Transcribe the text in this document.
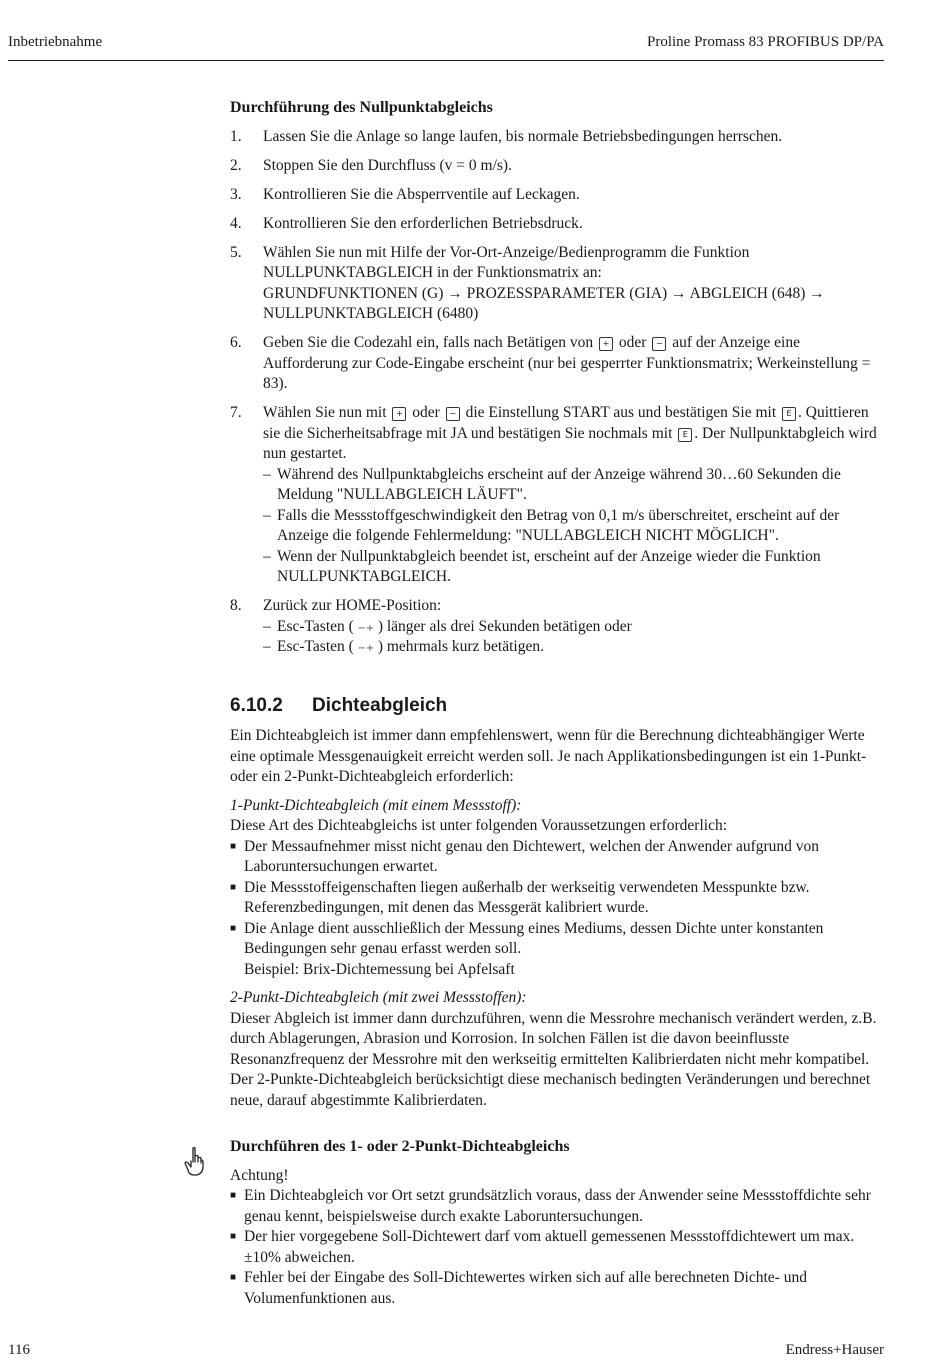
Inbetriebnahme	Proline Promass 83 PROFIBUS DP/PA
Durchführung des Nullpunktabgleichs
1.	Lassen Sie die Anlage so lange laufen, bis normale Betriebsbedingungen herrschen.
2.	Stoppen Sie den Durchfluss (v = 0 m/s).
3.	Kontrollieren Sie die Absperrventile auf Leckagen.
4.	Kontrollieren Sie den erforderlichen Betriebsdruck.
5.	Wählen Sie nun mit Hilfe der Vor-Ort-Anzeige/Bedienprogramm die Funktion NULLPUNKTABGLEICH in der Funktionsmatrix an:
GRUNDFUNKTIONEN (G) → PROZESSPARAMETER (GIA) → ABGLEICH (648) → NULLPUNKTABGLEICH (6480)
6.	Geben Sie die Codezahl ein, falls nach Betätigen von + oder − auf der Anzeige eine Aufforderung zur Code-Eingabe erscheint (nur bei gesperrter Funktionsmatrix; Werkeinstellung = 83).
7.	Wählen Sie nun mit + oder − die Einstellung START aus und bestätigen Sie mit E . Quittieren sie die Sicherheitsabfrage mit JA und bestätigen Sie nochmals mit E . Der Nullpunktabgleich wird nun gestartet.
– Während des Nullpunktabgleichs erscheint auf der Anzeige während 30…60 Sekunden die Meldung "NULLABGLEICH LÄUFT".
– Falls die Messstoffgeschwindigkeit den Betrag von 0,1 m/s überschreitet, erscheint auf der Anzeige die folgende Fehlermeldung: "NULLABGLEICH NICHT MÖGLICH".
– Wenn der Nullpunktabgleich beendet ist, erscheint auf der Anzeige wieder die Funktion NULLPUNKTABGLEICH.
8.	Zurück zur HOME-Position:
– Esc-Tasten ( −+ ) länger als drei Sekunden betätigen oder
– Esc-Tasten ( −+ ) mehrmals kurz betätigen.
6.10.2	Dichteabgleich

Ein Dichteabgleich ist immer dann empfehlenswert, wenn für die Berechnung dichteabhängiger Werte eine optimale Messgenauigkeit erreicht werden soll. Je nach Applikationsbedingungen ist ein 1-Punkt- oder ein 2-Punkt-Dichteabgleich erforderlich:

1-Punkt-Dichteabgleich (mit einem Messstoff):

Diese Art des Dichteabgleichs ist unter folgenden Voraussetzungen erforderlich:

■ Der Messaufnehmer misst nicht genau den Dichtewert, welchen der Anwender aufgrund von Laboruntersuchungen erwartet.
■ Die Messstoffeigenschaften liegen außerhalb der werkseitig verwendeten Messpunkte bzw. Referenzbedingungen, mit denen das Messgerät kalibriert wurde.
■ Die Anlage dient ausschließlich der Messung eines Mediums, dessen Dichte unter konstanten Bedingungen sehr genau erfasst werden soll.
Beispiel: Brix-Dichtemessung bei Apfelsaft

2-Punkt-Dichteabgleich (mit zwei Messstoffen):

Dieser Abgleich ist immer dann durchzuführen, wenn die Messrohre mechanisch verändert werden, z.B. durch Ablagerungen, Abrasion und Korrosion. In solchen Fällen ist die davon beeinflusste Resonanzfrequenz der Messrohre mit den werkseitig ermittelten Kalibrierdaten nicht mehr kompatibel. Der 2-Punkte-Dichteabgleich berücksichtigt diese mechanisch bedingten Veränderungen und berechnet neue, darauf abgestimmte Kalibrierdaten.

Durchführen des 1- oder 2-Punkt-Dichteabgleichs

Achtung!

■ Ein Dichteabgleich vor Ort setzt grundsätzlich voraus, dass der Anwender seine Messstoffdichte sehr genau kennt, beispielsweise durch exakte Laboruntersuchungen.
■ Der hier vorgegebene Soll-Dichtewert darf vom aktuell gemessenen Messstoffdichtewert um max. ±10% abweichen.
■ Fehler bei der Eingabe des Soll-Dichtewertes wirken sich auf alle berechneten Dichte- und Volumenfunktionen aus.
116	Endress+Hauser
